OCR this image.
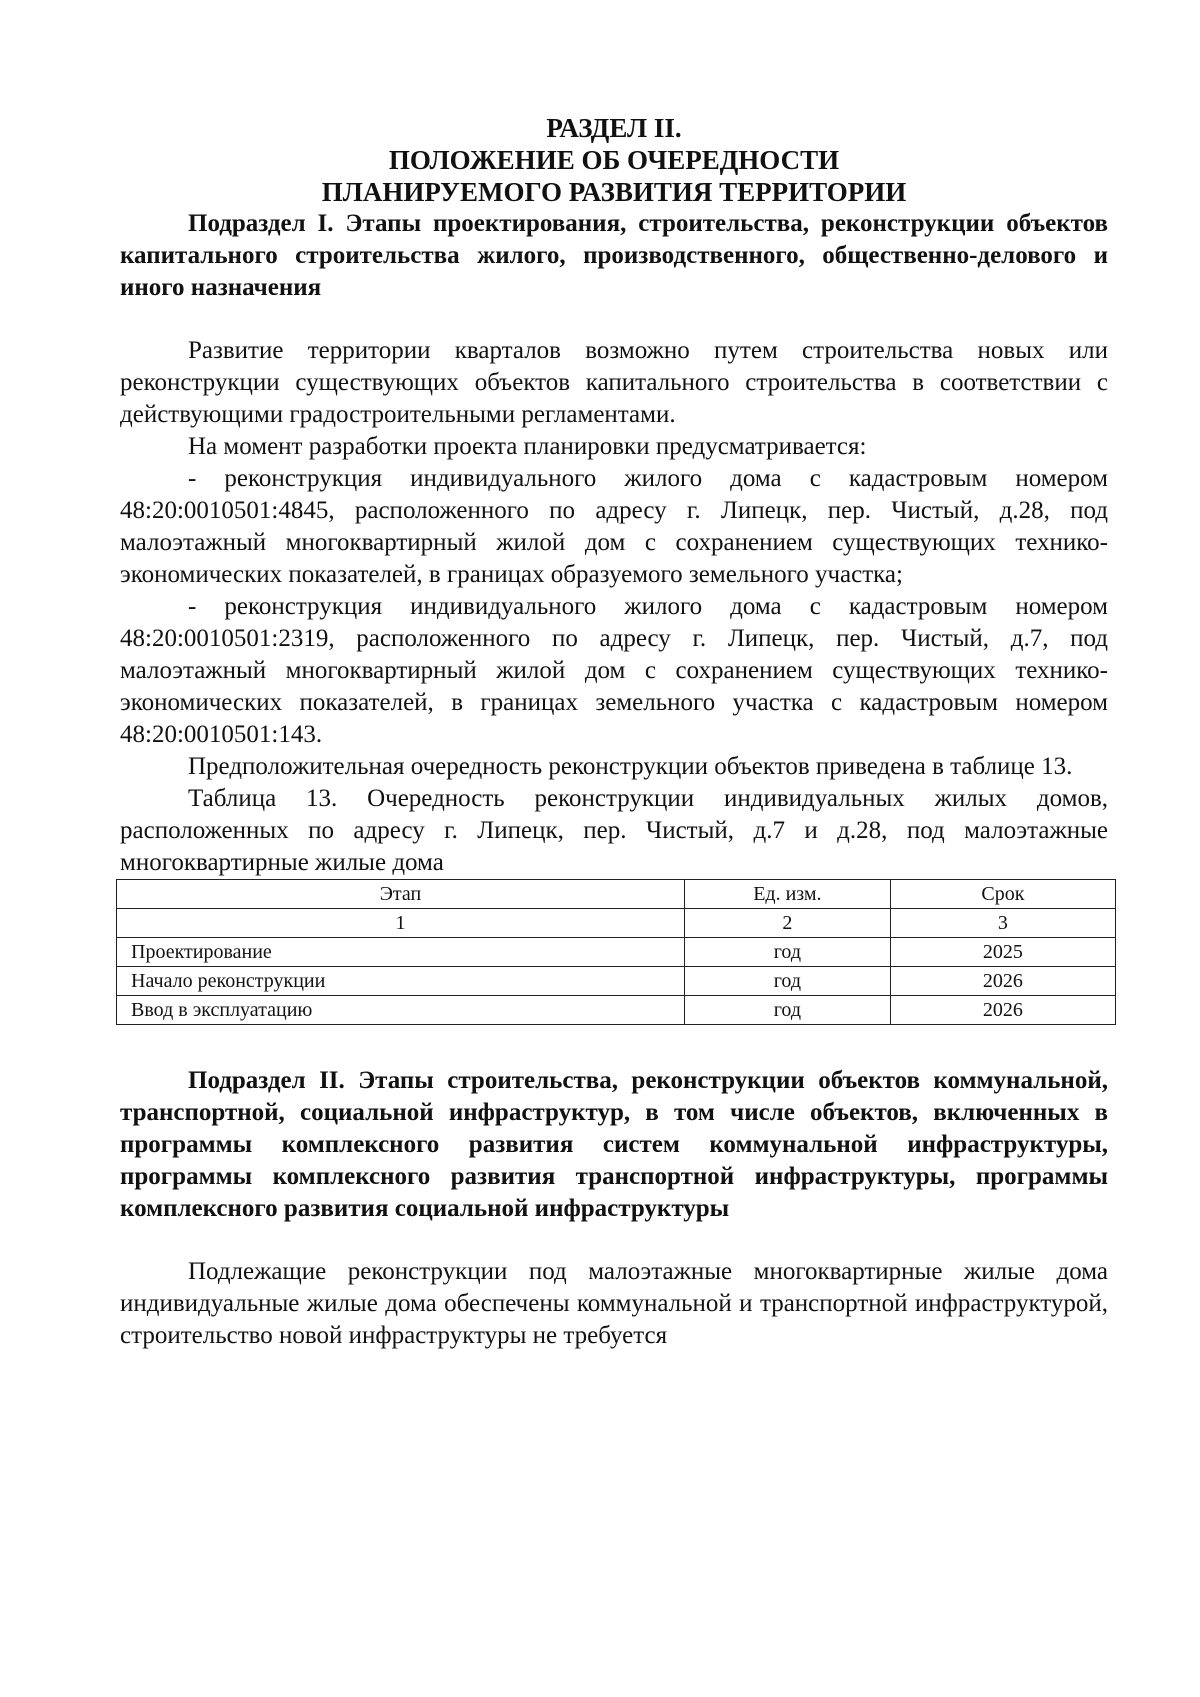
РАЗДЕЛ II.

ПОЛОЖЕНИЕ ОБ ОЧЕРЕДНОСТИ

ПЛАНИРУЕМОГО РАЗВИТИЯ ТЕРРИТОРИИ

Подраздел I. Этапы проектирования, строительства, реконструкции объектов капитального строительства жилого, производственного, общественно-делового и иного назначения

Развитие территории кварталов возможно путем строительства новых или реконструкции существующих объектов капитального строительства в соответствии с действующими градостроительными регламентами.

На момент разработки проекта планировки предусматривается:

- реконструкция индивидуального жилого дома с кадастровым номером 48:20:0010501:4845, расположенного по адресу г. Липецк, пер. Чистый, д.28, под малоэтажный многоквартирный жилой дом с сохранением существующих технико-экономических показателей, в границах образуемого земельного участка;

- реконструкция индивидуального жилого дома с кадастровым номером 48:20:0010501:2319, расположенного по адресу г. Липецк, пер. Чистый, д.7, под малоэтажный многоквартирный жилой дом с сохранением существующих технико-экономических показателей, в границах земельного участка с кадастровым номером 48:20:0010501:143.

Предположительная очередность реконструкции объектов приведена в таблице 13.

Таблица 13. Очередность реконструкции индивидуальных жилых домов, расположенных по адресу г. Липецк, пер. Чистый, д.7 и д.28, под малоэтажные многоквартирные жилые дома

Этап	Ед. изм.	Срок
1	2	3
Проектирование	год	2025
Начало реконструкции	год	2026
Ввод в эксплуатацию	год	2026

Подраздел II. Этапы строительства, реконструкции объектов коммунальной, транспортной, социальной инфраструктур, в том числе объектов, включенных в программы комплексного развития систем коммунальной инфраструктуры, программы комплексного развития транспортной инфраструктуры, программы комплексного развития социальной инфраструктуры

Подлежащие реконструкции под малоэтажные многоквартирные жилые дома индивидуальные жилые дома обеспечены коммунальной и транспортной инфраструктурой, строительство новой инфраструктуры не требуется
